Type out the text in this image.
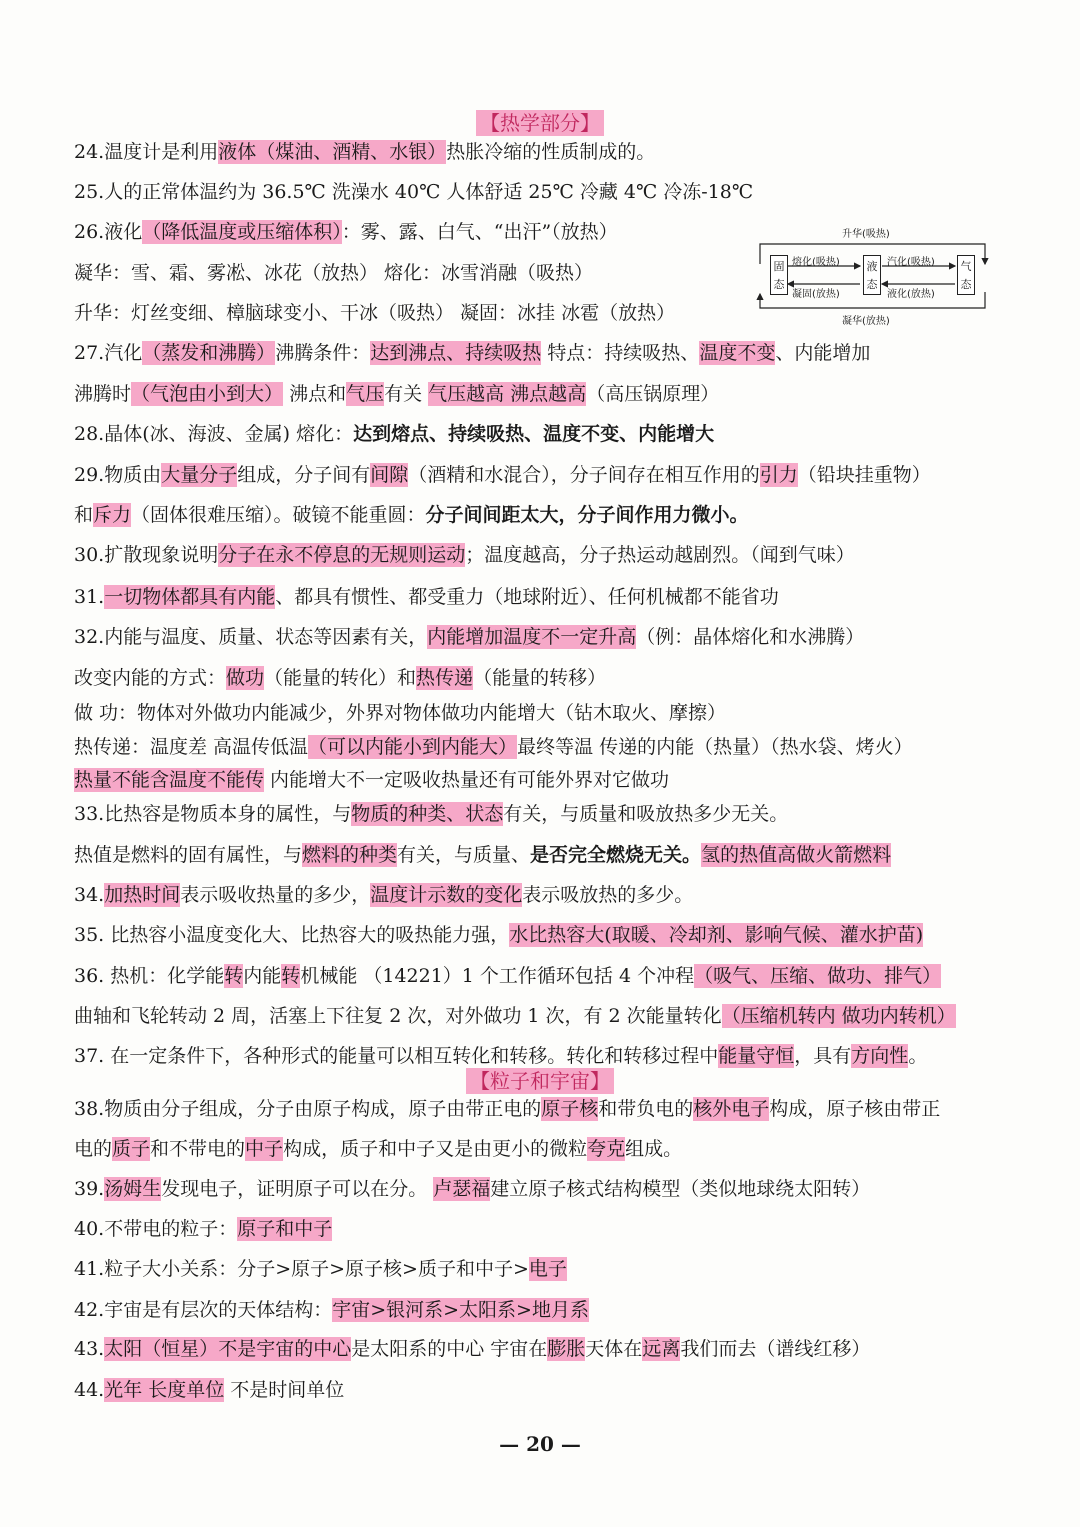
【热学部分】
【粒子和宇宙】
24.温度计是利用液体（煤油、酒精、水银）热胀冷缩的性质制成的。
25.人的正常体温约为 36.5℃ 洗澡水 40℃ 人体舒适 25℃ 冷藏 4℃ 冷冻-18℃
26.液化（降低温度或压缩体积）：雾、露、白气、“出汗”（放热）
凝华：雪、霜、雾凇、冰花（放热） 熔化：冰雪消融（吸热）
升华：灯丝变细、樟脑球变小、干冰（吸热） 凝固：冰挂 冰雹（放热）
27.汽化（蒸发和沸腾）沸腾条件：达到沸点、持续吸热 特点：持续吸热、温度不变、内能增加
沸腾时（气泡由小到大） 沸点和气压有关 气压越高 沸点越高（高压锅原理）
28.晶体(冰、海波、金属) 熔化：达到熔点、持续吸热、温度不变、内能增大
29.物质由大量分子组成，分子间有间隙（酒精和水混合），分子间存在相互作用的引力（铅块挂重物）
和斥力（固体很难压缩）。破镜不能重圆：分子间间距太大，分子间作用力微小。
30.扩散现象说明分子在永不停息的无规则运动；温度越高，分子热运动越剧烈。（闻到气味）
31.一切物体都具有内能、都具有惯性、都受重力（地球附近）、任何机械都不能省功
32.内能与温度、质量、状态等因素有关，内能增加温度不一定升高（例：晶体熔化和水沸腾）
改变内能的方式：做功（能量的转化）和热传递（能量的转移）
做 功：物体对外做功内能减少，外界对物体做功内能增大（钻木取火、摩擦）
热传递：温度差 高温传低温（可以内能小到内能大）最终等温 传递的内能（热量）（热水袋、烤火）
热量不能含温度不能传 内能增大不一定吸收热量还有可能外界对它做功
33.比热容是物质本身的属性，与物质的种类、状态有关，与质量和吸放热多少无关。
热值是燃料的固有属性，与燃料的种类有关，与质量、是否完全燃烧无关。氢的热值高做火箭燃料
34.加热时间表示吸收热量的多少，温度计示数的变化表示吸放热的多少。
35. 比热容小温度变化大、比热容大的吸热能力强，水比热容大(取暖、冷却剂、影响气候、灌水护苗)
36. 热机：化学能转内能转机械能 （14221）1 个工作循环包括 4 个冲程（吸气、压缩、做功、排气）
曲轴和飞轮转动 2 周，活塞上下往复 2 次，对外做功 1 次，有 2 次能量转化（压缩机转内 做功内转机）
37. 在一定条件下，各种形式的能量可以相互转化和转移。转化和转移过程中能量守恒，具有方向性。
38.物质由分子组成，分子由原子构成，原子由带正电的原子核和带负电的核外电子构成，原子核由带正
电的质子和不带电的中子构成，质子和中子又是由更小的微粒夸克组成。
39.汤姆生发现电子，证明原子可以在分。 卢瑟福建立原子核式结构模型（类似地球绕太阳转）
40.不带电的粒子：原子和中子
41.粒子大小关系：分子>原子>原子核>质子和中子>电子
42.宇宙是有层次的天体结构：宇宙>银河系>太阳系>地月系
43.太阳（恒星）不是宇宙的中心是太阳系的中心 宇宙在膨胀天体在远离我们而去（谱线红移）
44.光年 长度单位 不是时间单位
升华(吸热)
凝华(放热)
熔化(吸热)
凝固(放热)
汽化(吸热)
液化(放热)
固态
液态
气态
— 20 —
